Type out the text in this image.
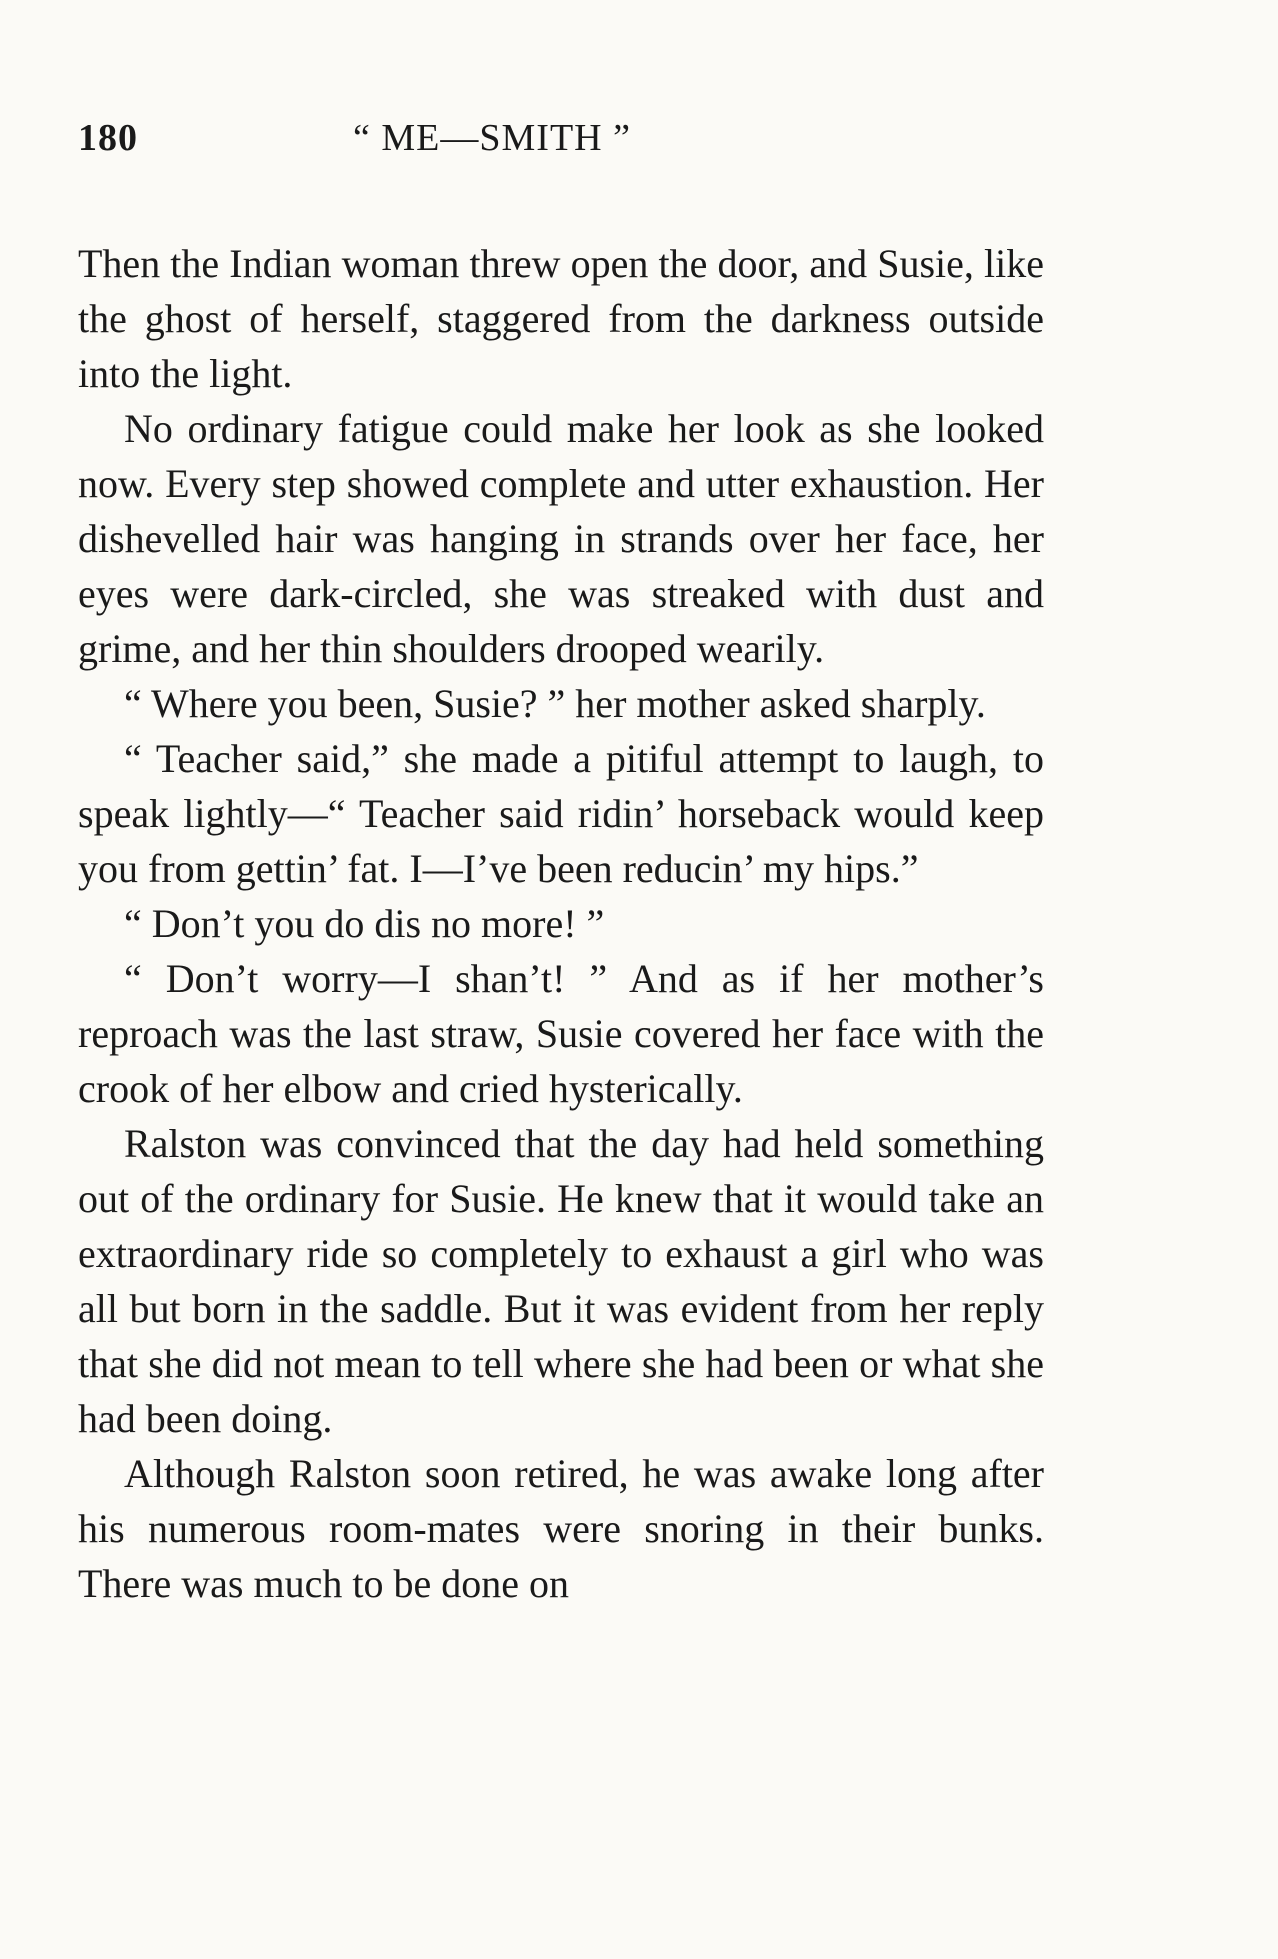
180	“ ME—SMITH ”

Then the Indian woman threw open the door, and Susie, like the ghost of herself, staggered from the darkness outside into the light.

No ordinary fatigue could make her look as she looked now. Every step showed complete and utter exhaustion. Her dishevelled hair was hanging in strands over her face, her eyes were dark-circled, she was streaked with dust and grime, and her thin shoulders drooped wearily.

“ Where you been, Susie? ” her mother asked sharply.

“ Teacher said,” she made a pitiful attempt to laugh, to speak lightly—“ Teacher said ridin’ horseback would keep you from gettin’ fat. I—I’ve been reducin’ my hips.”

“ Don’t you do dis no more! ”

“ Don’t worry—I shan’t! ” And as if her mother’s reproach was the last straw, Susie covered her face with the crook of her elbow and cried hysterically.

Ralston was convinced that the day had held something out of the ordinary for Susie. He knew that it would take an extraordinary ride so completely to exhaust a girl who was all but born in the saddle. But it was evident from her reply that she did not mean to tell where she had been or what she had been doing.

Although Ralston soon retired, he was awake long after his numerous room-mates were snoring in their bunks. There was much to be done on
